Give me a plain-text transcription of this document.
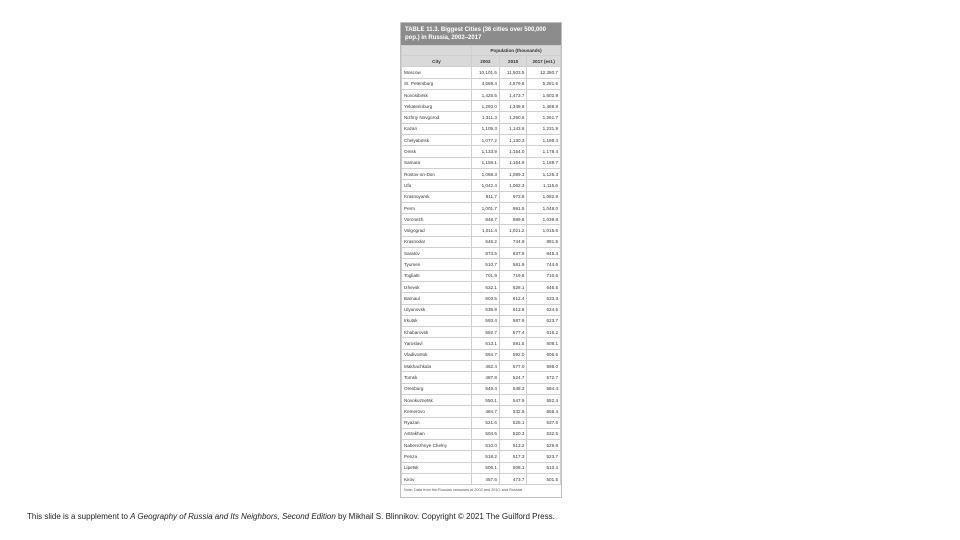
TABLE 11.3. Biggest Cities (36 cities over 500,000 pop.) in Russia, 2002–2017
	Population (thousands)		
City	2002	2010	2017 (est.)
Moscow	10,101.5	11,503.5	12,380.7
St. Petersburg	4,669.4	4,879.6	5,281.6
Novosibirsk	1,425.5	1,473.7	1,602.9
Yekaterinburg	1,293.0	1,349.8	1,468.8
Nizhny Novgorod	1,311.3	1,250.6	1,261.7
Kazan	1,105.3	1,143.6	1,231.9
Chelyabinsk	1,077.2	1,130.3	1,198.4
Omsk	1,133.9	1,154.0	1,178.4
Samara	1,158.1	1,164.9	1,169.7
Rostov-on-Don	1,068.3	1,089.3	1,125.3
Ufa	1,042.4	1,062.3	1,115.6
Krasnoyarsk	911.7	973.8	1,082.9
Perm	1,001.7	991.5	1,048.0
Voronezh	848.7	889.6	1,039.8
Volgograd	1,011.4	1,021.2	1,015.6
Krasnodar	646.2	744.9	881.5
Saratov	873.5	837.9	845.3
Tyumen	510.7	581.9	744.6
Togliatti	701.9	719.6	710.6
Izhevsk	632.1	628.1	646.5
Barnaul	603.5	612.4	633.3
Ulyanovsk	635.9	613.8	624.5
Irkutsk	593.4	587.9	623.7
Khabarovsk	582.7	577.4	616.2
Yaroslavl	613.1	591.5	608.1
Vladivostok	594.7	592.0	606.6
Makhachkala	462.4	577.0	598.0
Tomsk	487.8	524.7	572.7
Orenburg	549.4	548.3	564.4
Novokuznetsk	550.1	547.9	552.4
Kemerovo	484.7	532.9	556.4
Ryazan	521.6	525.1	537.6
Astrakhan	504.5	520.3	532.5
Naberezhnye Chelny	510.0	513.2	529.8
Penza	518.2	517.3	523.7
Lipetsk	506.1	508.1	510.4
Kirov	457.6	473.7	501.5
Note: Data from the Russian censuses of 2002 and 2010, and Rosstat.
This slide is a supplement to A Geography of Russia and Its Neighbors, Second Edition by Mikhail S. Blinnikov. Copyright © 2021 The Guilford Press.
